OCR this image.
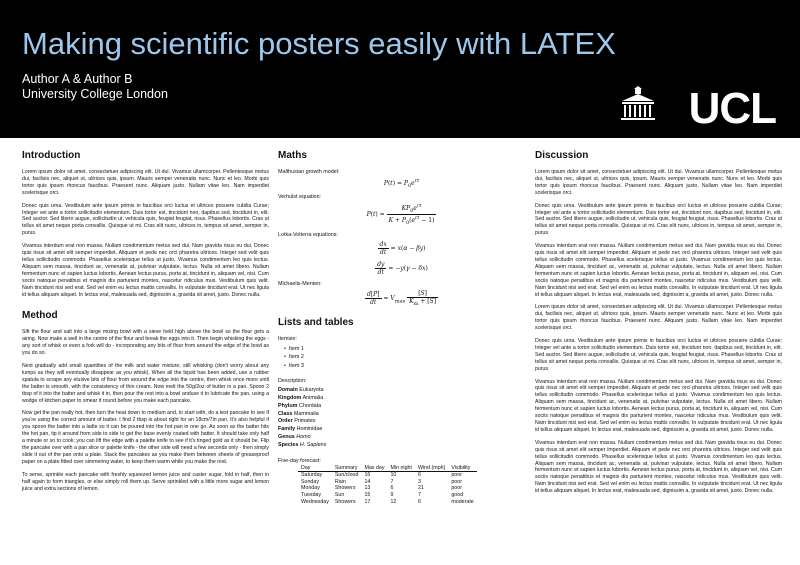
Making scientific posters easily with LATEX
Author A & Author B
University College London	UCL
Introduction

Lorem ipsum dolor sit amet, consectetuer adipiscing elit. Ut dui. Vivamus ullamcorper. Pellentesque metus dui, facilisis nec, aliquet ut, ultrices quis, ipsum. Mauris semper venenatis nunc. Nunc et leo. Morbi quis tortor quis ipsum rhoncus faucibus. Praesent nunc. Aliquam justo. Nullam vitae leo. Nam imperdiet scelerisque orci.

Donec quis urna. Vestibulum ante ipsum primis in faucibus orci luctus et ultrices posuere cubilia Curae; Integer vel ante a tortor sollicitudin elementum. Duis tortor est, tincidunt non, dapibus sed, tincidunt in, elit. Sed auctor. Sed libero augue, sollicitudin ut, vehicula quis, feugiat feugiat, risus. Phasellus lobortis. Cras ut tellus sit amet neque porta convallis. Quisque ut mi. Cras elit nunc, ultrices in, tempus sit amet, semper in, purus.

Vivamus interdum erat non massa. Nullam condimentum metus sed dui. Nam gravida risus eu dui. Donec quis risus sit amet elit semper imperdiet. Aliquam et pede nec orci pharetra ultrices. Integer sed velit quis tellus sollicitudin commodo. Phasellus scelerisque tellus ut justo. Vivamus condimentum leo quis lectus. Aliquam sem massa, tincidunt ac, venenatis at, pulvinar vulputate, lectus. Nulla sit amet libero. Nullam fermentum nunc et sapien luctus lobortis. Aenean lectus purus, porta at, tincidunt in, aliquam vel, nisi. Cum sociis natoque penatibus et magnis dis parturient montes, nascetur ridiculus mus. Vestibulum quis velit. Nam tincidunt nisi sed erat. Sed vel enim eu lectus mattis convallis. In vulputate tincidunt erat. Ut nec ligula id tellus aliquam aliquet. In lectus erat, malesuada sed, dignissim a, gravida sit amet, justo. Donec nulla.

Method

Sift the flour and salt into a large mixing bowl with a sieve held high above the bowl so the flour gets a airing. Now make a well in the centre of the flour and break the eggs into it. Then begin whisking the eggs - any sort of whisk or even a fork will do - incorporating any bits of flour from around the edge of the bowl as you do so.

Next gradually add small quantities of the milk and water mixture, still whisking (don't worry about any lumps as they will eventually disappear as you whisk). When all the liquid has been added, use a rubber spatula to scrape any elusive bits of flour from around the edge into the centre, then whisk once more until the batter is smooth, with the consistency of thin cream. Now melt the 50g/2oz of butter in a pan. Spoon 2 tbsp of it into the batter and whisk it in, then pour the rest into a bowl anduse it to lubricate the pan, using a wodge of kitchen paper to smear it round before you make each pancake.

Now get the pan really hot, then turn the heat down to medium and, to start with, do a test pancake to see if you're using the correct amount of batter. I find 2 tbsp is about right for an 18cm/7in pan. It's also helpful if you spoon the batter into a ladle so it can be poured into the hot pan in one go. As soon as the batter hits the hot pan, tip it around from side to side to get the base evenly coated with batter. It should take only half a minute or so to cook; you can lift the edge with a palette knife to see if it's tinged gold as it should be. Flip the pancake over with a pan slice or palette knife - the other side will need a few seconds only - then simply slide it out of the pan onto a plate. Stack the pancakes as you make them between sheets of greaseproof paper on a plate fitted over simmering water, to keep them warm while you make the rest.

To serve, sprinkle each pancake with freshly squeezed lemon juice and caster sugar, fold in half, then in half again to form triangles, or else simply roll them up. Serve sprinkled with a little more sugar and lemon juice and extra sections of lemon.

Maths
Malthusian growth model:
$P(t) = P_0e^{rt}$
Verhulst equation:
$P(t) = \frac{KP_0e^{rt}}{K + P_0(e^{rt} - 1)}$
Lotka-Volterra equations:
$\frac{dx}{dt} = x(\alpha - \beta y)$
$\frac{dy}{dt} = -y(\gamma - \delta x)$
Michaelis-Menten:
$\frac{d[P]}{dt} = V_{max} \frac{[S]}{K_m + [S]}$
Lists and tables
Itemize:
• Item 1
• Item 2
• Item 3
Description:
Domain Eukaryota
Kingdom Animalia
Phylum Chordata
Class Mammalia
Order Primates
Family Hominidae
Genus Homo
Species H. Sapiens
Five-day forecast:
Day	Summary	Max day	Min night	Wind (mph)	Visibility
Saturday	Sun/cloud	16	10	6	poor
Sunday	Rain	14	7	3	poor
Monday	Showers	13	6	21	poor
Tuesday	Sun	15	9	7	good
Wednesday	Showers	17	12	6	moderate
Discussion

Lorem ipsum dolor sit amet, consectetuer adipiscing elit. Ut dui. Vivamus ullamcorper. Pellentesque metus dui, facilisis nec, aliquet ut, ultrices quis, ipsum. Mauris semper venenatis nunc. Nunc et leo. Morbi quis tortor quis ipsum rhoncus faucibus. Praesent nunc. Aliquam justo. Nullam vitae leo. Nam imperdiet scelerisque orci.

Donec quis urna. Vestibulum ante ipsum primis in faucibus orci luctus et ultrices posuere cubilia Curae; Integer vel ante a tortor sollicitudin elementum. Duis tortor est, tincidunt non, dapibus sed, tincidunt in, elit. Sed auctor. Sed libero augue, sollicitudin ut, vehicula quis, feugiat feugiat, risus. Phasellus lobortis. Cras ut tellus sit amet neque porta convallis. Quisque ut mi. Cras elit nunc, ultrices in, tempus sit amet, semper in, purus.

Vivamus interdum erat non massa. Nullam condimentum metus sed dui. Nam gravida risus eu dui. Donec quis risus sit amet elit semper imperdiet. Aliquam et pede nec orci pharetra ultrices. Integer sed velit quis tellus sollicitudin commodo. Phasellus scelerisque tellus ut justo. Vivamus condimentum leo quis lectus. Aliquam sem massa, tincidunt ac, venenatis at, pulvinar vulputate, lectus. Nulla sit amet libero. Nullam fermentum nunc et sapien luctus lobortis. Aenean lectus purus, porta at, tincidunt in, aliquam vel, nisi. Cum sociis natoque penatibus et magnis dis parturient montes, nascetur ridiculus mus. Vestibulum quis velit. Nam tincidunt nisi sed erat. Sed vel enim eu lectus mattis convallis. In vulputate tincidunt erat. Ut nec ligula id tellus aliquam aliquet. In lectus erat, malesuada sed, dignissim a, gravida sit amet, justo. Donec nulla.

Lorem ipsum dolor sit amet, consectetuer adipiscing elit. Ut dui. Vivamus ullamcorper. Pellentesque metus dui, facilisis nec, aliquet ut, ultrices quis, ipsum. Mauris semper venenatis nunc. Nunc et leo. Morbi quis tortor quis ipsum rhoncus faucibus. Praesent nunc. Aliquam justo. Nullam vitae leo. Nam imperdiet scelerisque orci.

Donec quis urna. Vestibulum ante ipsum primis in faucibus orci luctus et ultrices posuere cubilia Curae; Integer vel ante a tortor sollicitudin elementum. Duis tortor est, tincidunt non, dapibus sed, tincidunt in, elit. Sed auctor. Sed libero augue, sollicitudin ut, vehicula quis, feugiat feugiat, risus. Phasellus lobortis. Cras ut tellus sit amet neque porta convallis. Quisque ut mi. Cras elit nunc, ultrices in, tempus sit amet, semper in, purus.

Vivamus interdum erat non massa. Nullam condimentum metus sed dui. Nam gravida risus eu dui. Donec quis risus sit amet elit semper imperdiet. Aliquam et pede nec orci pharetra ultrices. Integer sed velit quis tellus sollicitudin commodo. Phasellus scelerisque tellus ut justo. Vivamus condimentum leo quis lectus. Aliquam sem massa, tincidunt ac, venenatis at, pulvinar vulputate, lectus. Nulla sit amet libero. Nullam fermentum nunc et sapien luctus lobortis. Aenean lectus purus, porta at, tincidunt in, aliquam vel, nisi. Cum sociis natoque penatibus et magnis dis parturient montes, nascetur ridiculus mus. Vestibulum quis velit. Nam tincidunt nisi sed erat. Sed vel enim eu lectus mattis convallis. In vulputate tincidunt erat. Ut nec ligula id tellus aliquam aliquet. In lectus erat, malesuada sed, dignissim a, gravida sit amet, justo. Donec nulla.

Vivamus interdum erat non massa. Nullam condimentum metus sed dui. Nam gravida risus eu dui. Donec quis risus sit amet elit semper imperdiet. Aliquam et pede nec orci pharetra ultrices. Integer sed velit quis tellus sollicitudin commodo. Phasellus scelerisque tellus ut justo. Vivamus condimentum leo quis lectus. Aliquam sem massa, tincidunt ac, venenatis at, pulvinar vulputate, lectus. Nulla sit amet libero. Nullam fermentum nunc et sapien luctus lobortis. Aenean lectus purus, porta at, tincidunt in, aliquam vel, nisi. Cum sociis natoque penatibus et magnis dis parturient montes, nascetur ridiculus mus. Vestibulum quis velit. Nam tincidunt nisi sed erat. Sed vel enim eu lectus mattis convallis. In vulputate tincidunt erat. Ut nec ligula id tellus aliquam aliquet. In lectus erat, malesuada sed, dignissim a, gravida sit amet, justo. Donec nulla.
